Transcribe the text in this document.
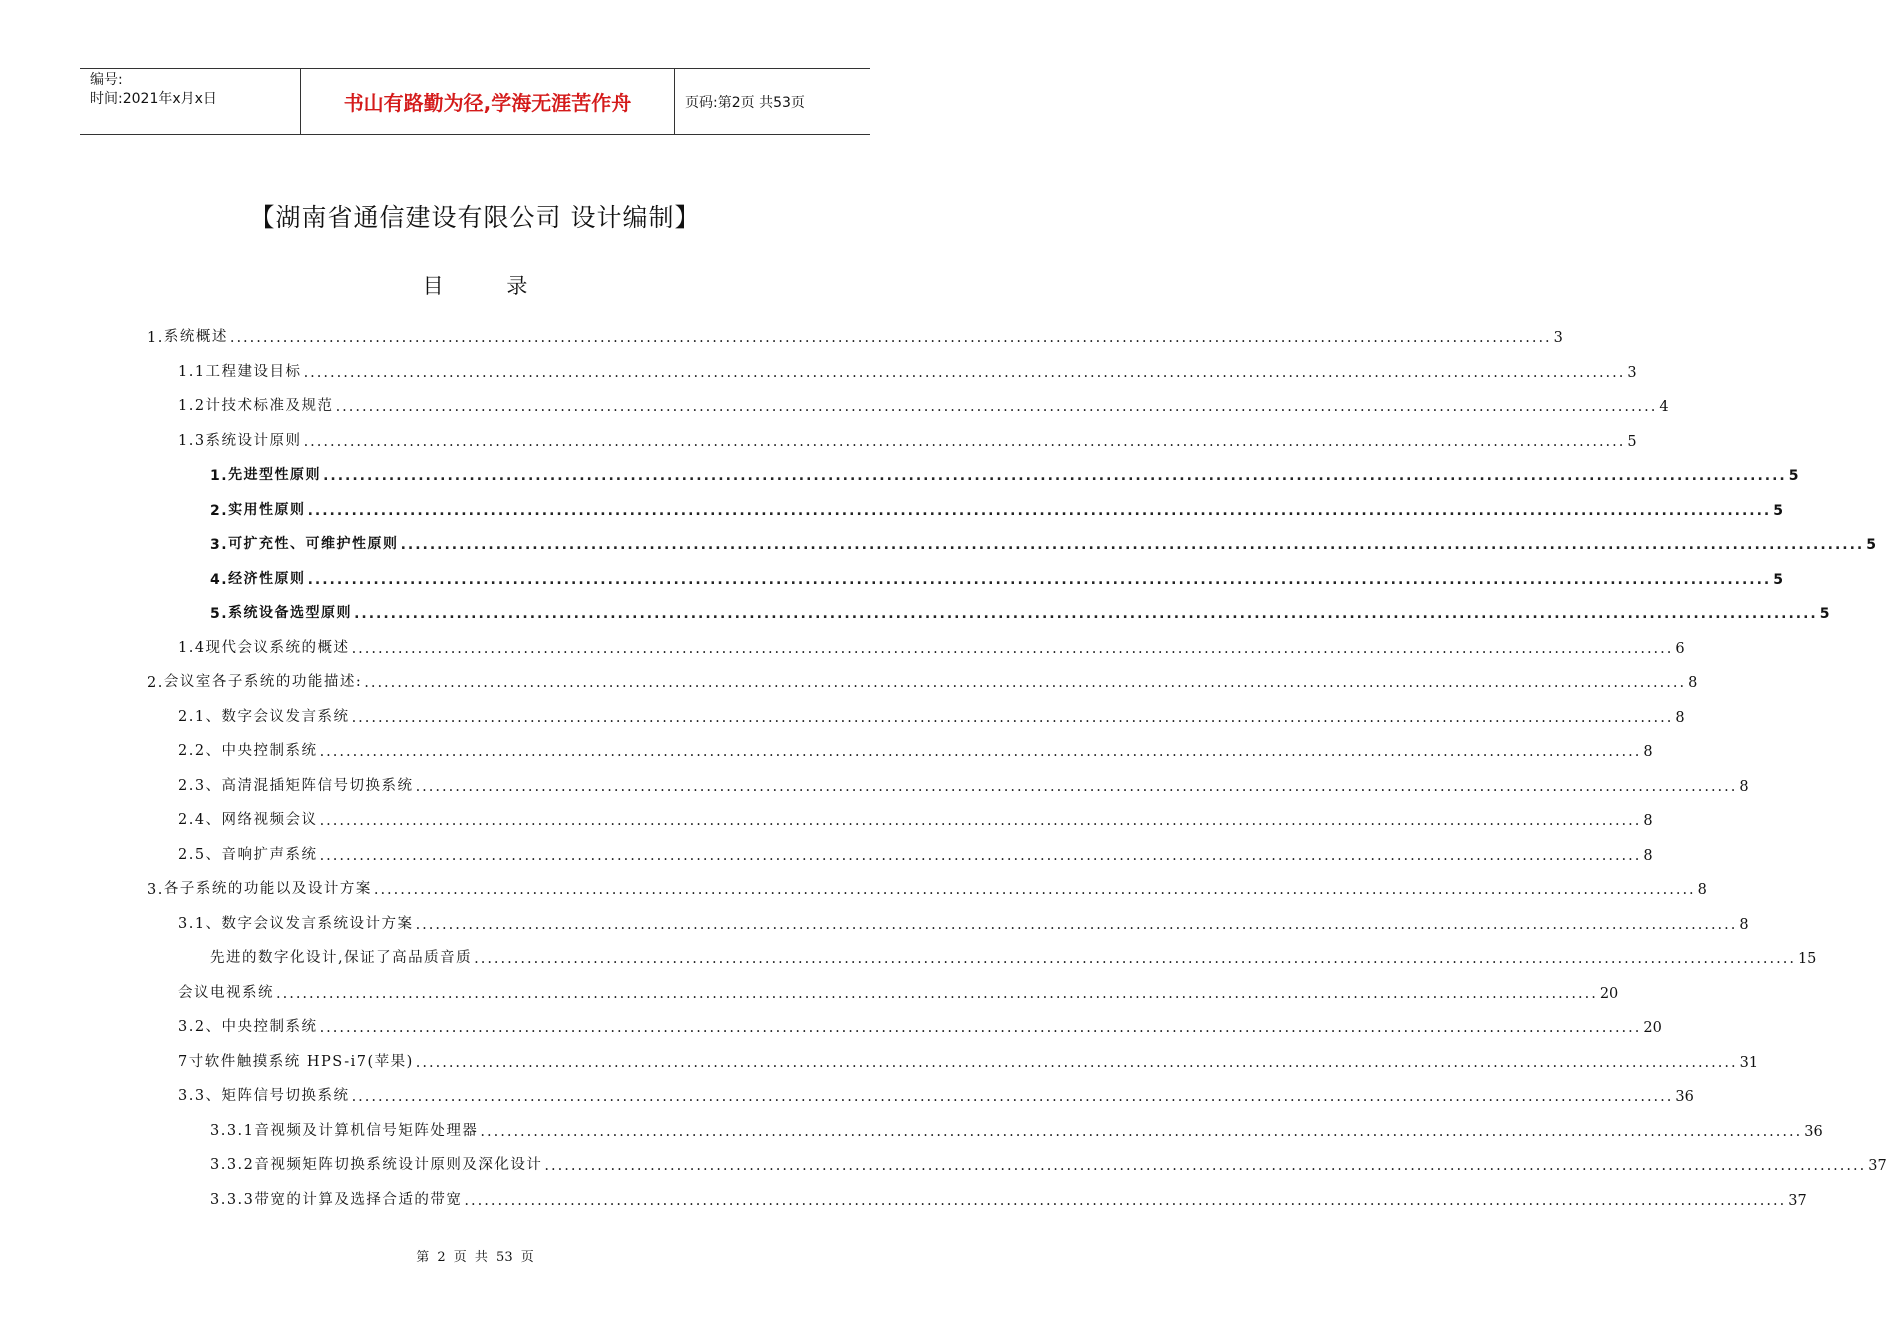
编号:
时间:2021年x月x日	书山有路勤为径,学海无涯苦作舟	页码:第2页 共53页
【湖南省通信建设有限公司 设计编制】
目 录
1. 系统概述 ........................................................................................................................................................................................................ 3
1.1工程建设目标 ........................................................................................................................................................................................................ 3
1.2计技术标准及规范 ........................................................................................................................................................................................................ 4
1.3系统设计原则 ........................................................................................................................................................................................................ 5
1. 先进型性原则 ........................................................................................................................................................................................................ 5
2. 实用性原则 ........................................................................................................................................................................................................ 5
3. 可扩充性、可维护性原则 ........................................................................................................................................................................................................ 5
4. 经济性原则 ........................................................................................................................................................................................................ 5
5. 系统设备选型原则 ........................................................................................................................................................................................................ 5
1.4现代会议系统的概述 ........................................................................................................................................................................................................ 6
2. 会议室各子系统的功能描述: ........................................................................................................................................................................................................ 8
2.1、数字会议发言系统 ........................................................................................................................................................................................................ 8
2.2、中央控制系统 ........................................................................................................................................................................................................ 8
2.3、高清混插矩阵信号切换系统 ........................................................................................................................................................................................................ 8
2.4、网络视频会议 ........................................................................................................................................................................................................ 8
2.5、音响扩声系统 ........................................................................................................................................................................................................ 8
3. 各子系统的功能以及设计方案 ........................................................................................................................................................................................................ 8
3.1、数字会议发言系统设计方案 ........................................................................................................................................................................................................ 8
先进的数字化设计,保证了高品质音质 ........................................................................................................................................................................................................ 15
会议电视系统 ........................................................................................................................................................................................................ 20
3.2、中央控制系统 ........................................................................................................................................................................................................ 20
7寸软件触摸系统 HPS-i7(苹果) ........................................................................................................................................................................................................ 31
3.3、矩阵信号切换系统 ........................................................................................................................................................................................................ 36
3.3.1音视频及计算机信号矩阵处理器 ........................................................................................................................................................................................................ 36
3.3.2音视频矩阵切换系统设计原则及深化设计 ........................................................................................................................................................................................................ 37
3.3.3带宽的计算及选择合适的带宽 ........................................................................................................................................................................................................ 37
第 2 页 共 53 页
